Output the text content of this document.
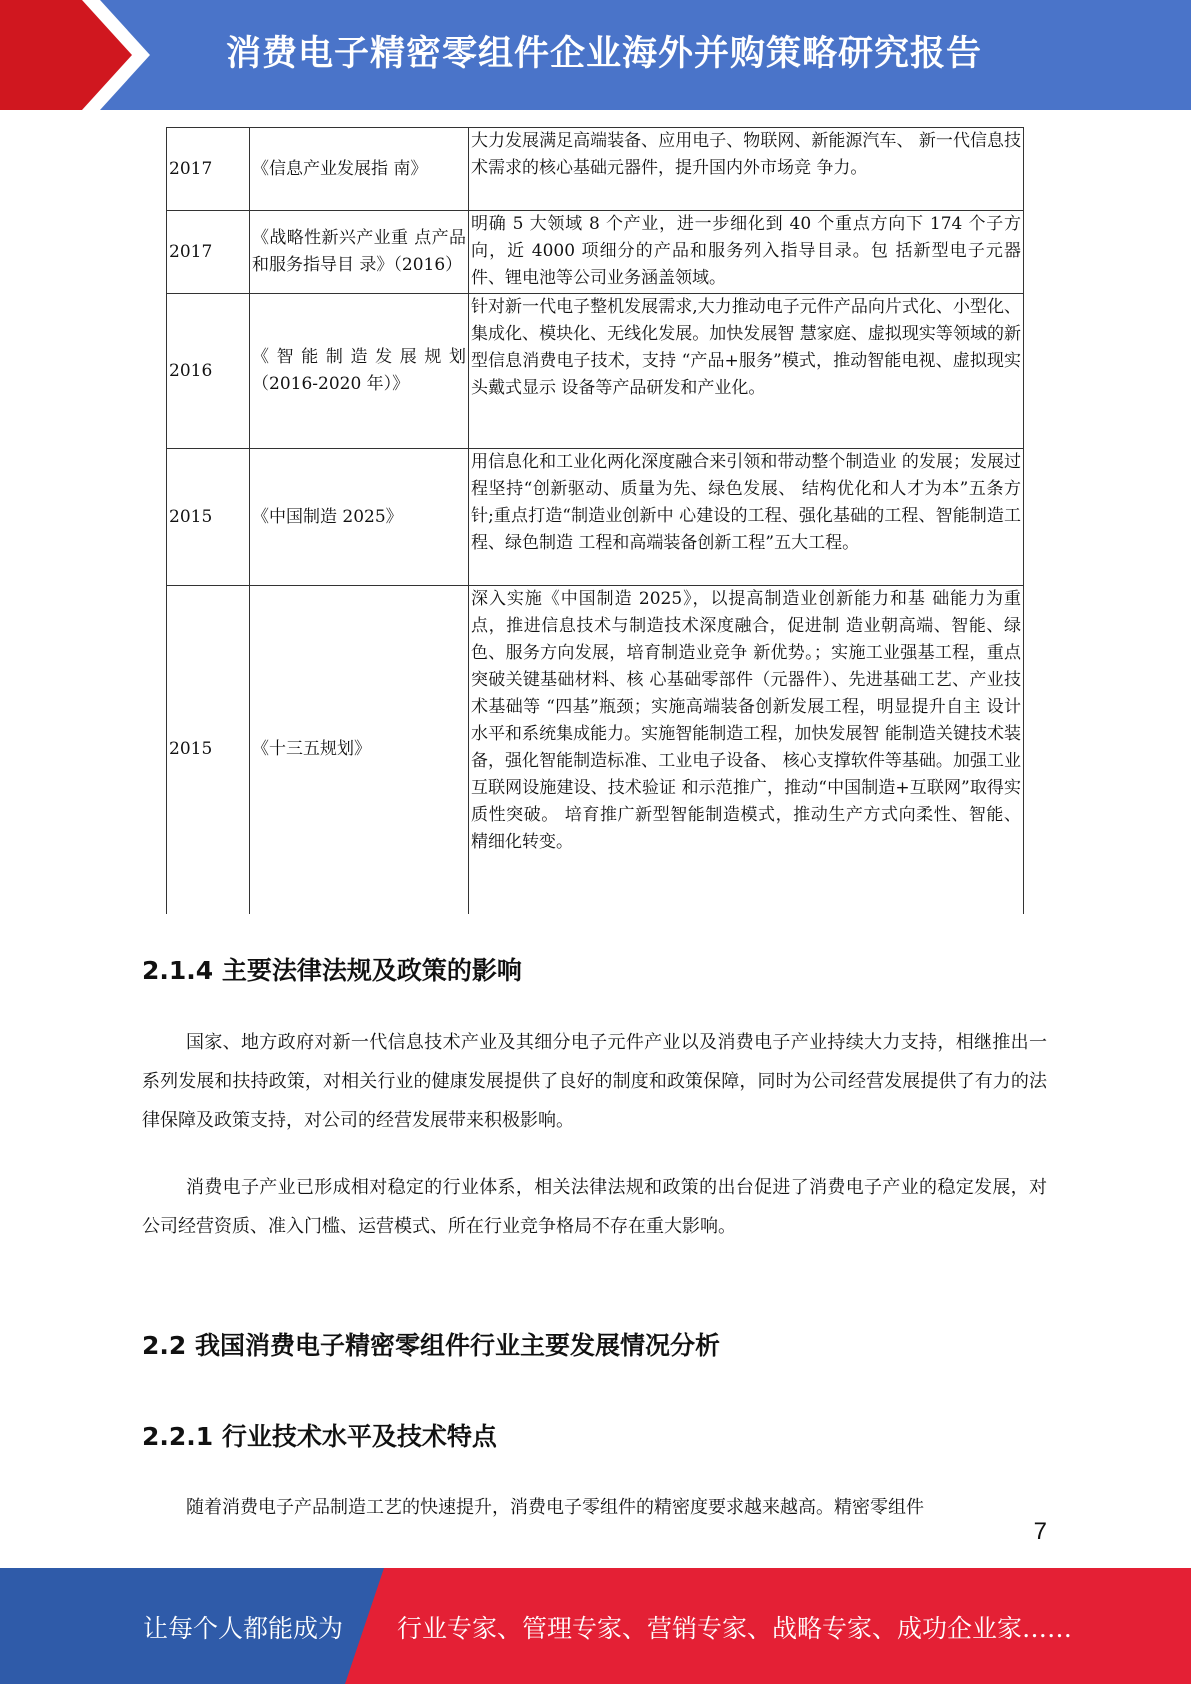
消费电子精密零组件企业海外并购策略研究报告
2017	《信息产业发展指 南》	大力发展满足高端装备、应用电子、物联网、新能源汽车、 新一代信息技术需求的核心基础元器件，提升国内外市场竞 争力。
2017	《战略性新兴产业重 点产品和服务指导目 录》（2016）	明确 5 大领域 8 个产业，进一步细化到 40 个重点方向下 174 个子方向，近 4000 项细分的产品和服务列入指导目录。包 括新型电子元器件、锂电池等公司业务涵盖领域。
2016	《智能制造发展规划（2016-2020 年）》	针对新一代电子整机发展需求,大力推动电子元件产品向片式化、小型化、集成化、模块化、无线化发展。加快发展智 慧家庭、虚拟现实等领域的新型信息消费电子技术，支持 “产品+服务”模式，推动智能电视、虚拟现实头戴式显示 设备等产品研发和产业化。
2015	《中国制造 2025》	用信息化和工业化两化深度融合来引领和带动整个制造业 的发展；发展过程坚持“创新驱动、质量为先、绿色发展、 结构优化和人才为本”五条方针;重点打造“制造业创新中 心建设的工程、强化基础的工程、智能制造工程、绿色制造 工程和高端装备创新工程”五大工程。
2015	《十三五规划》	深入实施《中国制造 2025》，以提高制造业创新能力和基 础能力为重点，推进信息技术与制造技术深度融合，促进制 造业朝高端、智能、绿色、服务方向发展，培育制造业竞争 新优势。；实施工业强基工程，重点突破关键基础材料、核 心基础零部件（元器件）、先进基础工艺、产业技术基础等 “四基”瓶颈；实施高端装备创新发展工程，明显提升自主 设计水平和系统集成能力。实施智能制造工程，加快发展智 能制造关键技术装备，强化智能制造标准、工业电子设备、 核心支撑软件等基础。加强工业互联网设施建设、技术验证 和示范推广，推动“中国制造+互联网”取得实质性突破。 培育推广新型智能制造模式，推动生产方式向柔性、智能、 精细化转变。
2.1.4 主要法律法规及政策的影响
国家、地方政府对新一代信息技术产业及其细分电子元件产业以及消费电子产业持续大力支持，相继推出一系列发展和扶持政策，对相关行业的健康发展提供了良好的制度和政策保障，同时为公司经营发展提供了有力的法律保障及政策支持，对公司的经营发展带来积极影响。
消费电子产业已形成相对稳定的行业体系，相关法律法规和政策的出台促进了消费电子产业的稳定发展，对公司经营资质、准入门槛、运营模式、所在行业竞争格局不存在重大影响。
2.2 我国消费电子精密零组件行业主要发展情况分析
2.2.1 行业技术水平及技术特点
随着消费电子产品制造工艺的快速提升，消费电子零组件的精密度要求越来越高。精密零组件
7
让每个人都能成为 行业专家、管理专家、营销专家、战略专家、成功企业家……
